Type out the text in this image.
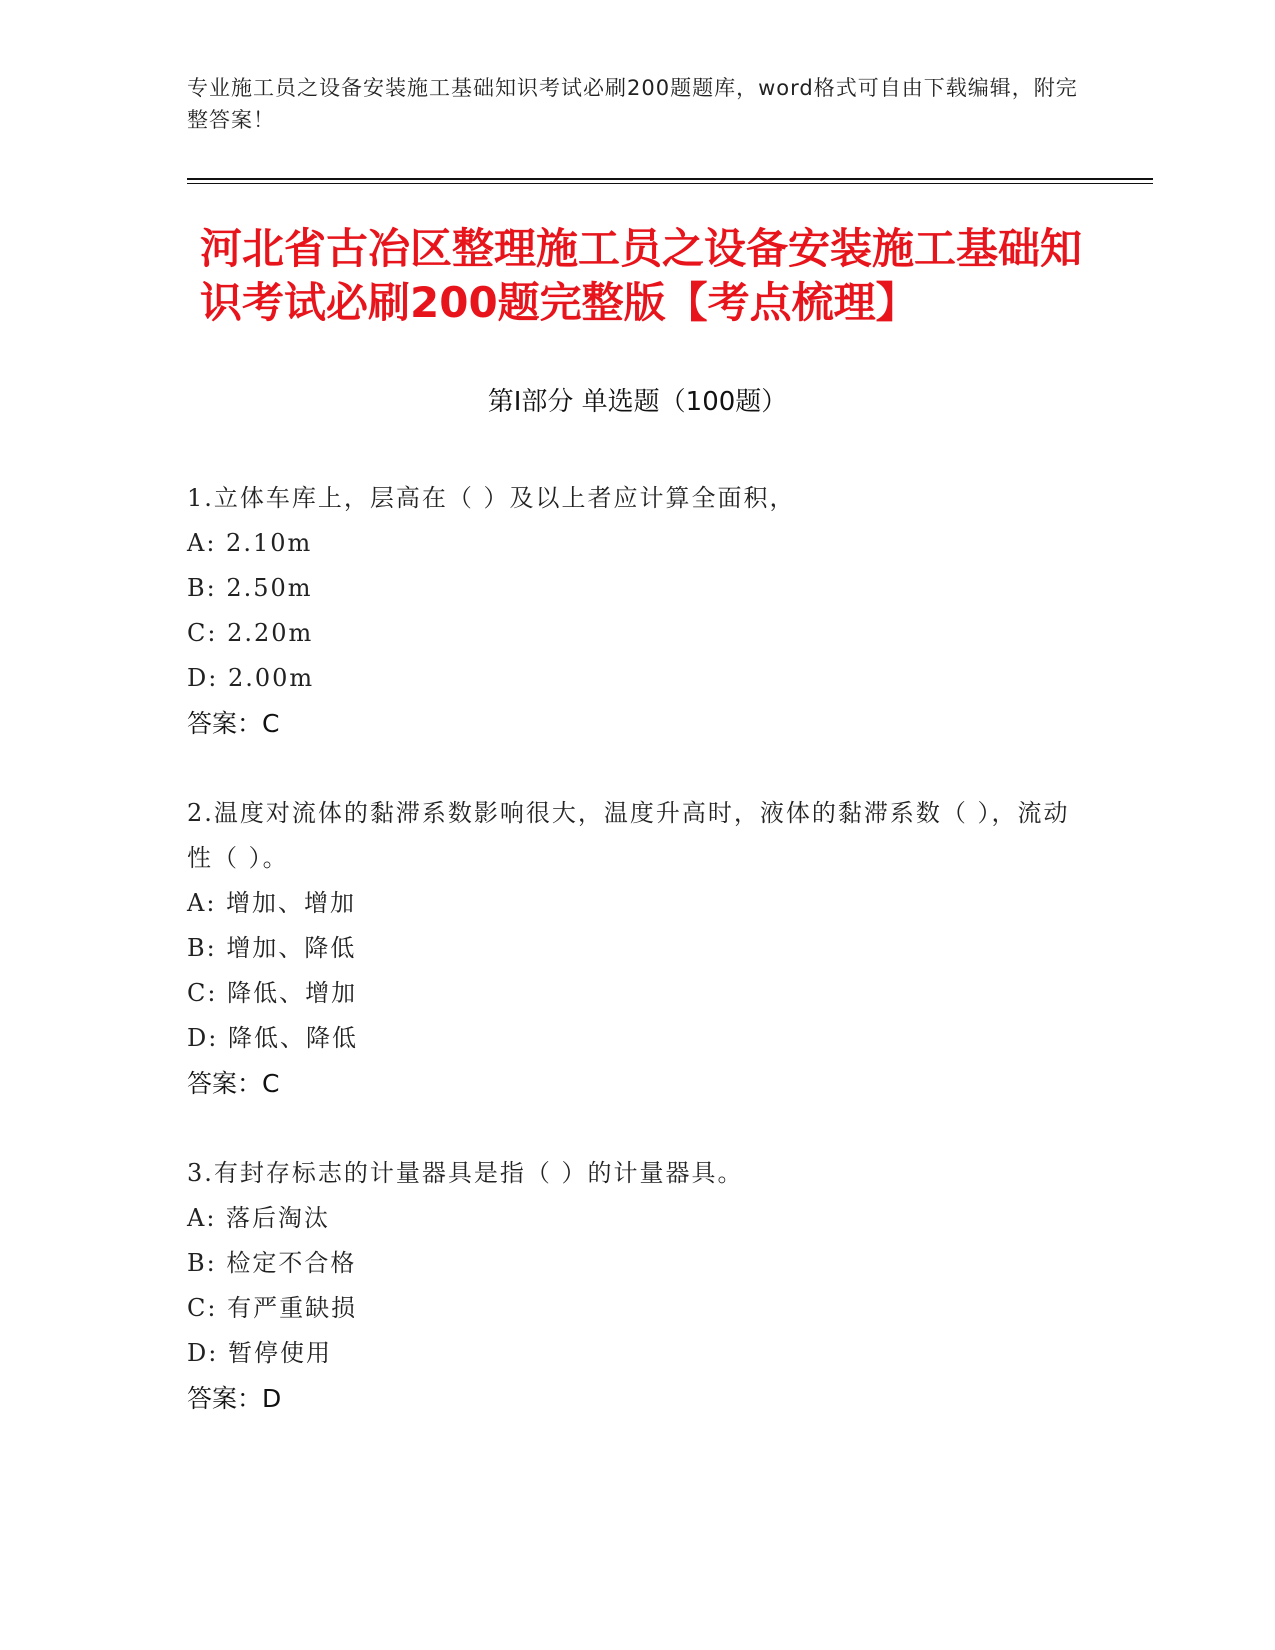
专业施工员之设备安装施工基础知识考试必刷200题题库，word格式可自由下载编辑，附完整答案！
河北省古冶区整理施工员之设备安装施工基础知识考试必刷200题完整版【考点梳理】
第Ⅰ部分 单选题（100题）
1.立体车库上，层高在（ ）及以上者应计算全面积，
A: 2.10m
B: 2.50m
C: 2.20m
D: 2.00m
答案：C
2.温度对流体的黏滞系数影响很大，温度升高时，液体的黏滞系数（ ），流动性（ ）。
A: 增加、增加
B: 增加、降低
C: 降低、增加
D: 降低、降低
答案：C
3.有封存标志的计量器具是指（ ）的计量器具。
A: 落后淘汰
B: 检定不合格
C: 有严重缺损
D: 暂停使用
答案：D
